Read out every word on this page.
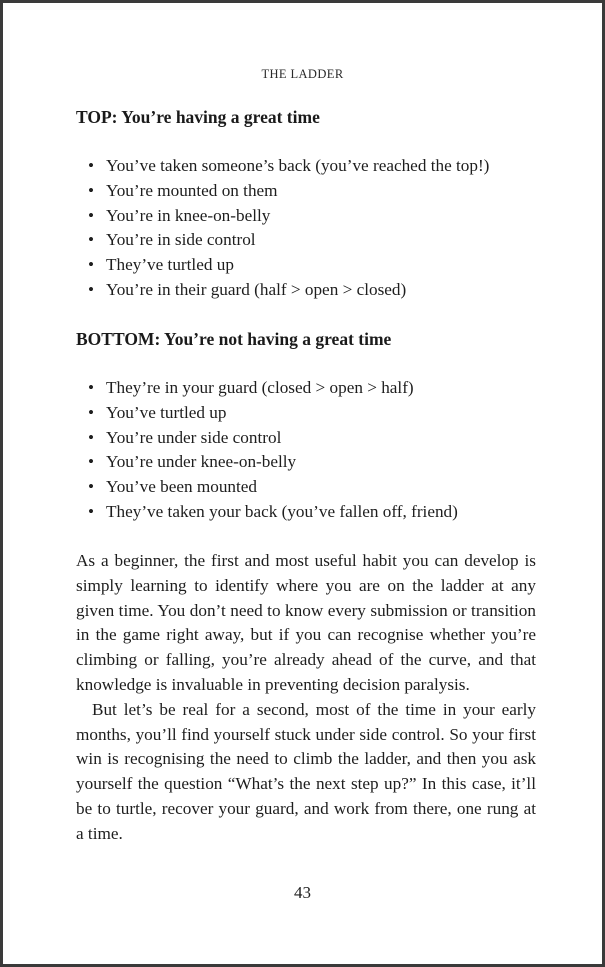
THE LADDER
TOP: You’re having a great time
• You’ve taken someone’s back (you’ve reached the top!)
• You’re mounted on them
• You’re in knee-on-belly
• You’re in side control
• They’ve turtled up
• You’re in their guard (half > open > closed)
BOTTOM: You’re not having a great time
• They’re in your guard (closed > open > half)
• You’ve turtled up
• You’re under side control
• You’re under knee-on-belly
• You’ve been mounted
• They’ve taken your back (you’ve fallen off, friend)

As a beginner, the first and most useful habit you can develop is simply learning to identify where you are on the ladder at any given time. You don’t need to know every submission or transition in the game right away, but if you can recognise whether you’re climbing or falling, you’re already ahead of the curve, and that knowledge is invaluable in preventing decision paralysis.

But let’s be real for a second, most of the time in your early months, you’ll find yourself stuck under side control. So your first win is recognising the need to climb the ladder, and then you ask yourself the question “What’s the next step up?” In this case, it’ll be to turtle, recover your guard, and work from there, one rung at a time.

43
